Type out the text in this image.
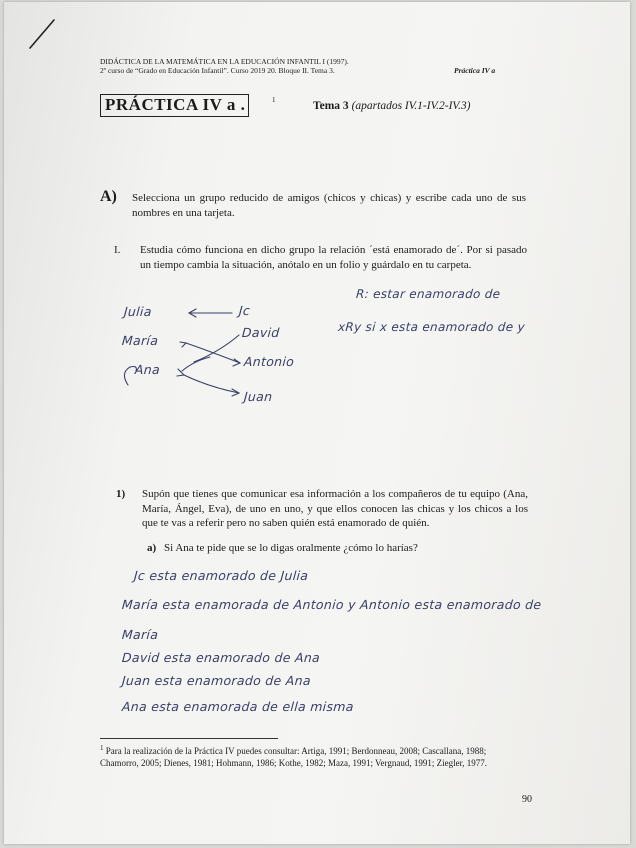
DIDÁCTICA DE LA MATEMÁTICA EN LA EDUCACIÓN INFANTIL I (1997).
2º curso de “Grado en Educación Infantil”. Curso 2019 20. Bloque II. Tema 3.	Práctica IV a
PRÁCTICA IV a .	1	Tema 3 (apartados IV.1-IV.2-IV.3)
A) Selecciona un grupo reducido de amigos (chicos y chicas) y escribe cada uno de sus nombres en una tarjeta.
I. Estudia cómo funciona en dicho grupo la relación ´está enamorado de´. Por si pasado un tiempo cambia la situación, anótalo en un folio y guárdalo en tu carpeta.
Julia
María
Ana
Jc
David
Antonio
Juan
R: estar enamorado de
xRy si x esta enamorado de y
1) Supón que tienes que comunicar esa información a los compañeros de tu equipo (Ana, María, Ángel, Eva), de uno en uno, y que ellos conocen las chicas y los chicos a los que te vas a referir pero no saben quién está enamorado de quién.
a) Si Ana te pide que se lo digas oralmente ¿cómo lo harías?
Jc esta enamorado de Julia
María esta enamorada de Antonio y Antonio esta enamorado de
María
David esta enamorado de Ana
Juan esta enamorado de Ana
Ana esta enamorada de ella misma
$^1$ Para la realización de la Práctica IV puedes consultar: Artiga, 1991; Berdonneau, 2008; Cascallana, 1988; Chamorro, 2005; Dienes, 1981; Hohmann, 1986; Kothe, 1982; Maza, 1991; Vergnaud, 1991; Ziegler, 1977.
90
